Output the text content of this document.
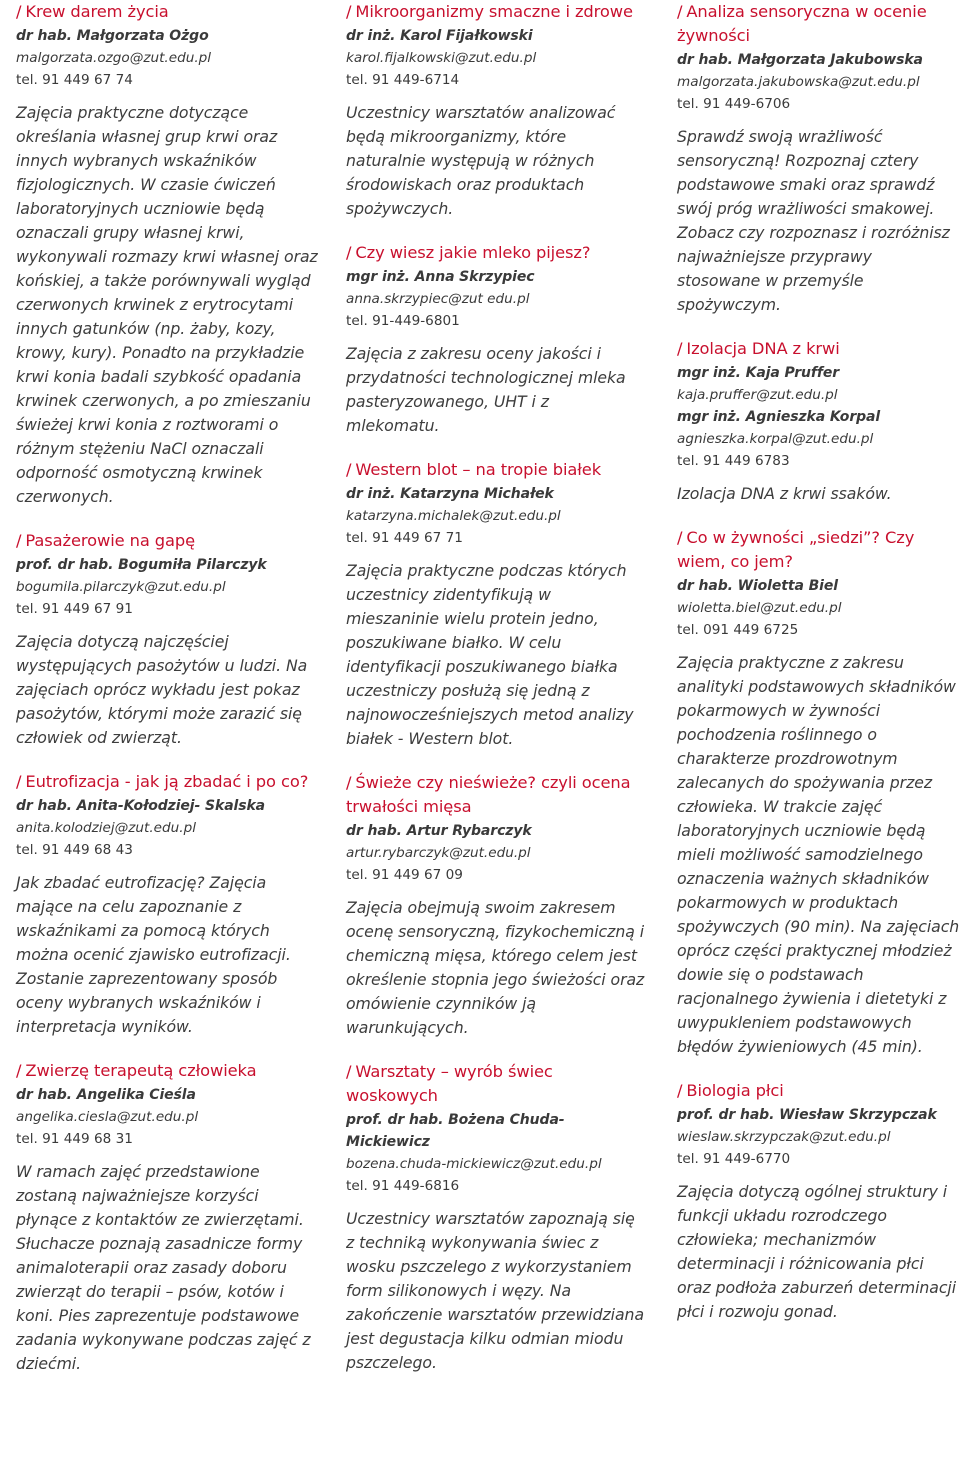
/ Krew darem życia
dr hab. Małgorzata Ożgo
malgorzata.ozgo@zut.edu.pl
tel. 91 449 67 74
Zajęcia praktyczne dotyczące określania własnej grup krwi oraz innych wybranych wskaźników fizjologicznych. W czasie ćwiczeń laboratoryjnych uczniowie będą oznaczali grupy własnej krwi, wykonywali rozmazy krwi własnej oraz końskiej, a także porównywali wygląd czerwonych krwinek z erytrocytami innych gatunków (np. żaby, kozy, krowy, kury). Ponadto na przykładzie krwi konia badali szybkość opadania krwinek czerwonych, a po zmieszaniu świeżej krwi konia z roztworami o różnym stężeniu NaCl oznaczali odporność osmotyczną krwinek czerwonych.
/ Pasażerowie na gapę
prof. dr hab. Bogumiła Pilarczyk
bogumila.pilarczyk@zut.edu.pl
tel. 91 449 67 91
Zajęcia dotyczą najczęściej występujących pasożytów u ludzi. Na zajęciach oprócz wykładu jest pokaz pasożytów, którymi może zarazić się człowiek od zwierząt.
/ Eutrofizacja - jak ją zbadać i po co?
dr hab. Anita-Kołodziej- Skalska
anita.kolodziej@zut.edu.pl
tel. 91 449 68 43
Jak zbadać eutrofizację? Zajęcia mające na celu zapoznanie z wskaźnikami za pomocą których można ocenić zjawisko eutrofizacji. Zostanie zaprezentowany sposób oceny wybranych wskaźników i interpretacja wyników.
/ Zwierzę terapeutą człowieka
dr hab. Angelika Cieśla
angelika.ciesla@zut.edu.pl
tel. 91 449 68 31
W ramach zajęć przedstawione zostaną najważniejsze korzyści płynące z kontaktów ze zwierzętami. Słuchacze poznają zasadnicze formy animaloterapii oraz zasady doboru zwierząt do terapii – psów, kotów i koni. Pies zaprezentuje podstawowe zadania wykonywane podczas zajęć z dziećmi.
/ Mikroorganizmy smaczne i zdrowe
dr inż. Karol Fijałkowski
karol.fijalkowski@zut.edu.pl
tel. 91 449-6714
Uczestnicy warsztatów analizować będą mikroorganizmy, które naturalnie występują w różnych środowiskach oraz produktach spożywczych.
/ Czy wiesz jakie mleko pijesz?
mgr inż. Anna Skrzypiec
anna.skrzypiec@zut edu.pl
tel. 91-449-6801
Zajęcia z zakresu oceny jakości i przydatności technologicznej mleka pasteryzowanego, UHT i z mlekomatu.
/ Western blot – na tropie białek
dr inż. Katarzyna Michałek
katarzyna.michalek@zut.edu.pl
tel. 91 449 67 71
Zajęcia praktyczne podczas których uczestnicy zidentyfikują w mieszaninie wielu protein jedno, poszukiwane białko. W celu identyfikacji poszukiwanego białka uczestniczy posłużą się jedną z najnowocześniejszych metod analizy białek - Western blot.
/ Świeże czy nieświeże? czyli ocena trwałości mięsa
dr hab. Artur Rybarczyk
artur.rybarczyk@zut.edu.pl
tel. 91 449 67 09
Zajęcia obejmują swoim zakresem ocenę sensoryczną, fizykochemiczną i chemiczną mięsa, którego celem jest określenie stopnia jego świeżości oraz omówienie czynników ją warunkujących.
/ Warsztaty – wyrób świec woskowych
prof. dr hab. Bożena Chuda-Mickiewicz
bozena.chuda-mickiewicz@zut.edu.pl
tel. 91 449-6816
Uczestnicy warsztatów zapoznają się z techniką wykonywania świec z wosku pszczelego z wykorzystaniem form silikonowych i węzy. Na zakończenie warsztatów przewidziana jest degustacja kilku odmian miodu pszczelego.
/ Analiza sensoryczna w ocenie żywności
dr hab. Małgorzata Jakubowska
malgorzata.jakubowska@zut.edu.pl
tel. 91 449-6706
Sprawdź swoją wrażliwość sensoryczną! Rozpoznaj cztery podstawowe smaki oraz sprawdź swój próg wrażliwości smakowej. Zobacz czy rozpoznasz i rozróżnisz najważniejsze przyprawy stosowane w przemyśle spożywczym.
/ Izolacja DNA z krwi
mgr inż. Kaja Pruffer
kaja.pruffer@zut.edu.pl
mgr inż. Agnieszka Korpal
agnieszka.korpal@zut.edu.pl
tel. 91 449 6783
Izolacja DNA z krwi ssaków.
/ Co w żywności „siedzi”? Czy wiem, co jem?
dr hab. Wioletta Biel
wioletta.biel@zut.edu.pl
tel. 091 449 6725
Zajęcia praktyczne z zakresu analityki podstawowych składników pokarmowych w żywności pochodzenia roślinnego o charakterze prozdrowotnym zalecanych do spożywania przez człowieka. W trakcie zajęć laboratoryjnych uczniowie będą mieli możliwość samodzielnego oznaczenia ważnych składników pokarmowych w produktach spożywczych (90 min). Na zajęciach oprócz części praktycznej młodzież dowie się o podstawach racjonalnego żywienia i dietetyki z uwypukleniem podstawowych błędów żywieniowych (45 min).
/ Biologia płci
prof. dr hab. Wiesław Skrzypczak
wieslaw.skrzypczak@zut.edu.pl
tel. 91 449-6770
Zajęcia dotyczą ogólnej struktury i funkcji układu rozrodczego człowieka; mechanizmów determinacji i różnicowania płci oraz podłoża zaburzeń determinacji płci i rozwoju gonad.
